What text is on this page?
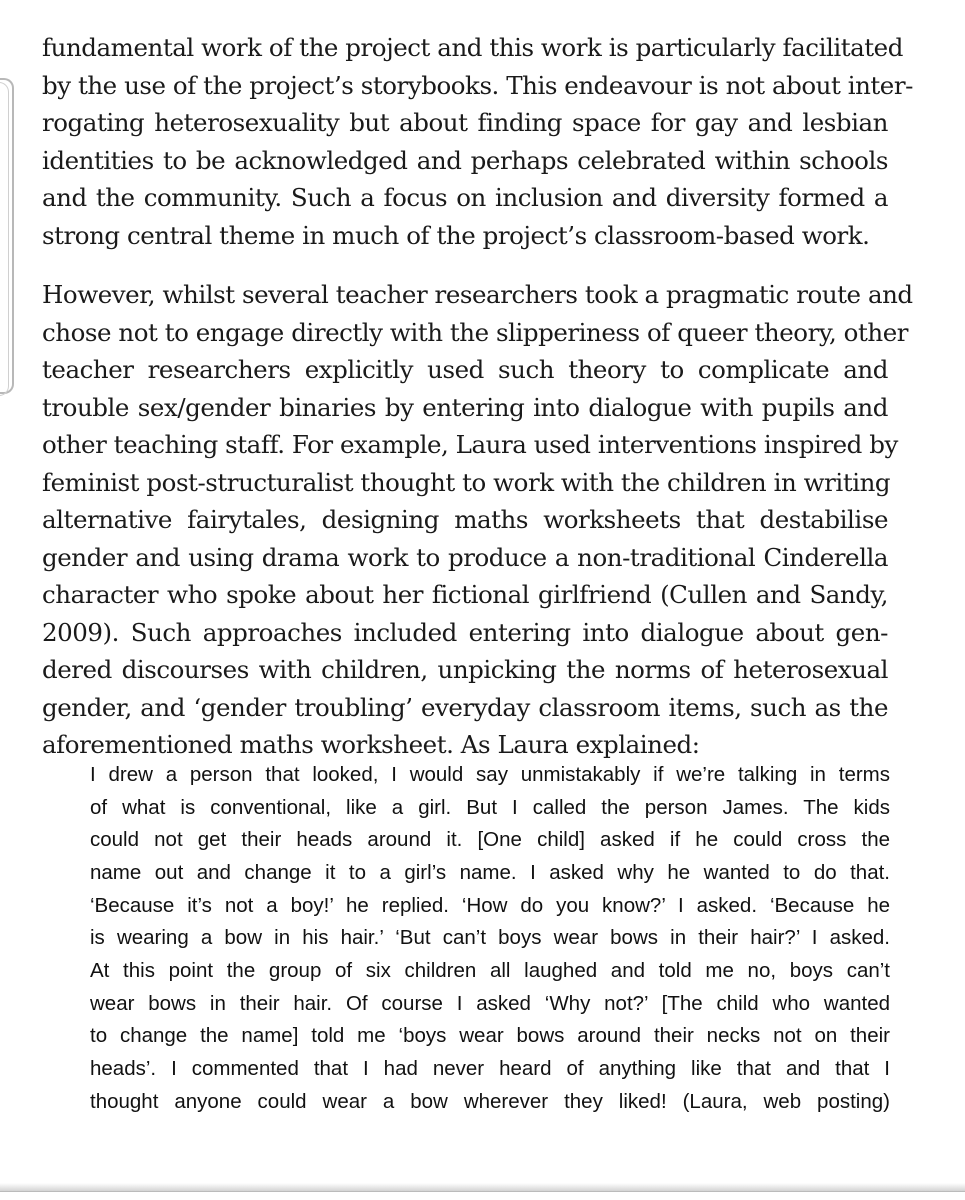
fundamental work of the project and this work is particularly facilitated
by the use of the project’s storybooks. This endeavour is not about inter-
rogating heterosexuality but about finding space for gay and lesbian
identities to be acknowledged and perhaps celebrated within schools
and the community. Such a focus on inclusion and diversity formed a
strong central theme in much of the project’s classroom-based work.
However, whilst several teacher researchers took a pragmatic route and
chose not to engage directly with the slipperiness of queer theory, other
teacher researchers explicitly used such theory to complicate and
trouble sex/gender binaries by entering into dialogue with pupils and
other teaching staff. For example, Laura used interventions inspired by
feminist post-structuralist thought to work with the children in writing
alternative fairytales, designing maths worksheets that destabilise
gender and using drama work to produce a non-traditional Cinderella
character who spoke about her fictional girlfriend (Cullen and Sandy,
2009). Such approaches included entering into dialogue about gen-
dered discourses with children, unpicking the norms of heterosexual
gender, and ‘gender troubling’ everyday classroom items, such as the
aforementioned maths worksheet. As Laura explained:
I drew a person that looked, I would say unmistakably if we’re talking in terms
of what is conventional, like a girl. But I called the person James. The kids
could not get their heads around it. [One child] asked if he could cross the
name out and change it to a girl’s name. I asked why he wanted to do that.
‘Because it’s not a boy!’ he replied. ‘How do you know?’ I asked. ‘Because he
is wearing a bow in his hair.’ ‘But can’t boys wear bows in their hair?’ I asked.
At this point the group of six children all laughed and told me no, boys can’t
wear bows in their hair. Of course I asked ‘Why not?’ [The child who wanted
to change the name] told me ‘boys wear bows around their necks not on their
heads’. I commented that I had never heard of anything like that and that I
thought anyone could wear a bow wherever they liked! (Laura, web posting)
